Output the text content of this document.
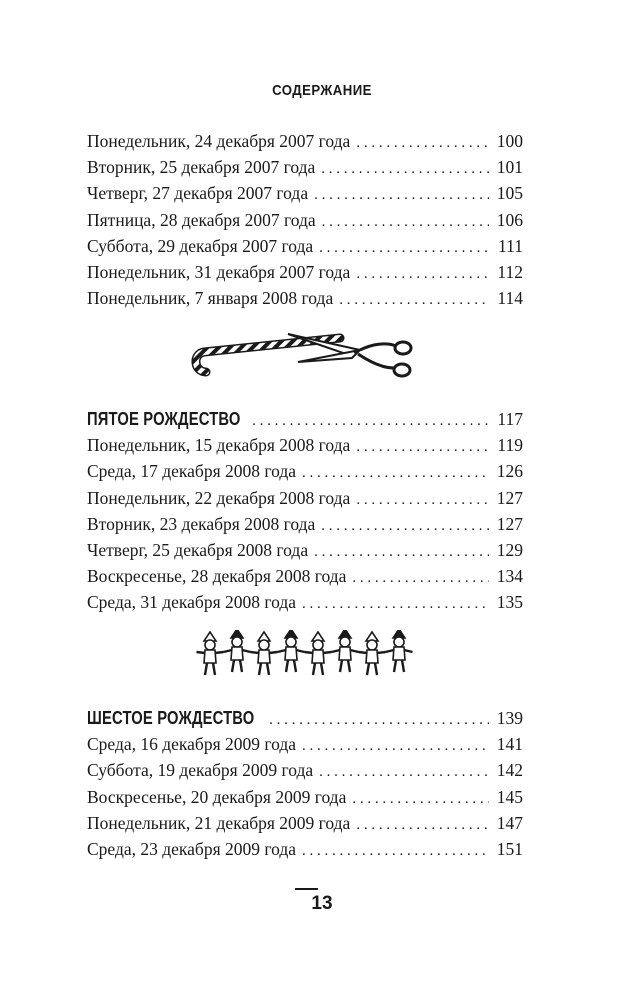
СОДЕРЖАНИЕ
Понедельник, 24 декабря 2007 года . . .	100
Вторник, 25 декабря 2007 года . . .	101
Четверг, 27 декабря 2007 года . . .	105
Пятница, 28 декабря 2007 года . . .	106
Суббота, 29 декабря 2007 года . . .	111
Понедельник, 31 декабря 2007 года . . .	112
Понедельник, 7 января 2008 года . . .	114
ПЯТОЕ РОЖДЕСТВО . . .	117
Понедельник, 15 декабря 2008 года . . .	119
Среда, 17 декабря 2008 года . . .	126
Понедельник, 22 декабря 2008 года . . .	127
Вторник, 23 декабря 2008 года . . .	127
Четверг, 25 декабря 2008 года . . .	129
Воскресенье, 28 декабря 2008 года . . .	134
Среда, 31 декабря 2008 года . . .	135
ШЕСТОЕ РОЖДЕСТВО . . .	139
Среда, 16 декабря 2009 года . . .	141
Суббота, 19 декабря 2009 года . . .	142
Воскресенье, 20 декабря 2009 года . . .	145
Понедельник, 21 декабря 2009 года . . .	147
Среда, 23 декабря 2009 года . . .	151
13
